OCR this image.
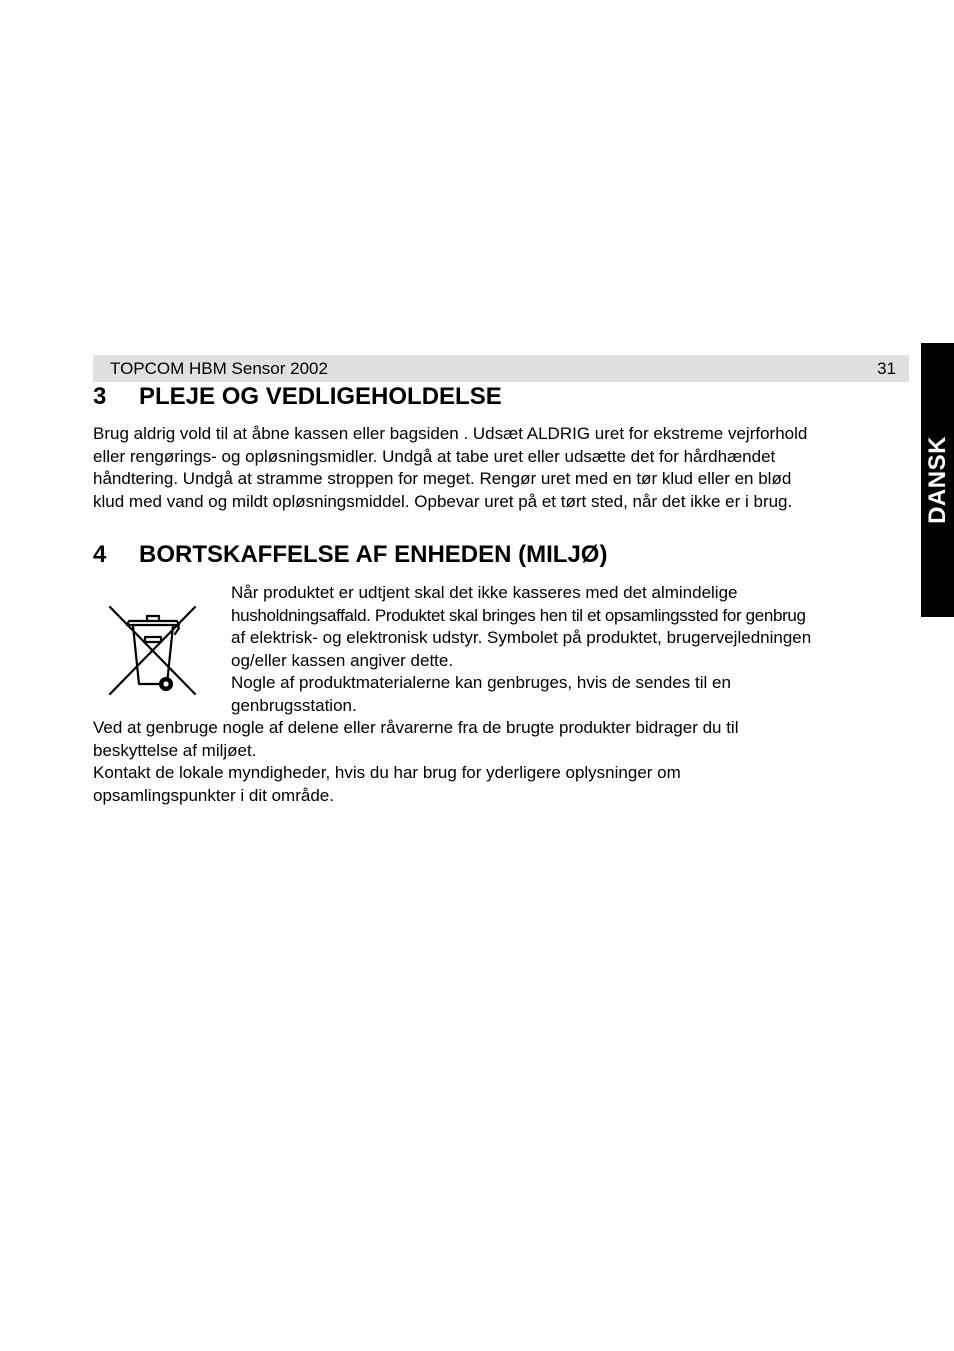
TOPCOM HBM Sensor 2002	31
DANSK
3 PLEJE OG VEDLIGEHOLDELSE

Brug aldrig vold til at åbne kassen eller bagsiden . Udsæt ALDRIG uret for ekstreme vejrforhold
eller rengørings- og opløsningsmidler. Undgå at tabe uret eller udsætte det for hårdhændet
håndtering. Undgå at stramme stroppen for meget. Rengør uret med en tør klud eller en blød
klud med vand og mildt opløsningsmiddel. Opbevar uret på et tørt sted, når det ikke er i brug.

4 BORTSKAFFELSE AF ENHEDEN (MILJØ)

Når produktet er udtjent skal det ikke kasseres med det almindelige
husholdningsaffald. Produktet skal bringes hen til et opsamlingssted for genbrug
af elektrisk- og elektronisk udstyr. Symbolet på produktet, brugervejledningen
og/eller kassen angiver dette.
Nogle af produktmaterialerne kan genbruges, hvis de sendes til en
genbrugsstation.

Ved at genbruge nogle af delene eller råvarerne fra de brugte produkter bidrager du til
beskyttelse af miljøet.
Kontakt de lokale myndigheder, hvis du har brug for yderligere oplysninger om
opsamlingspunkter i dit område.
